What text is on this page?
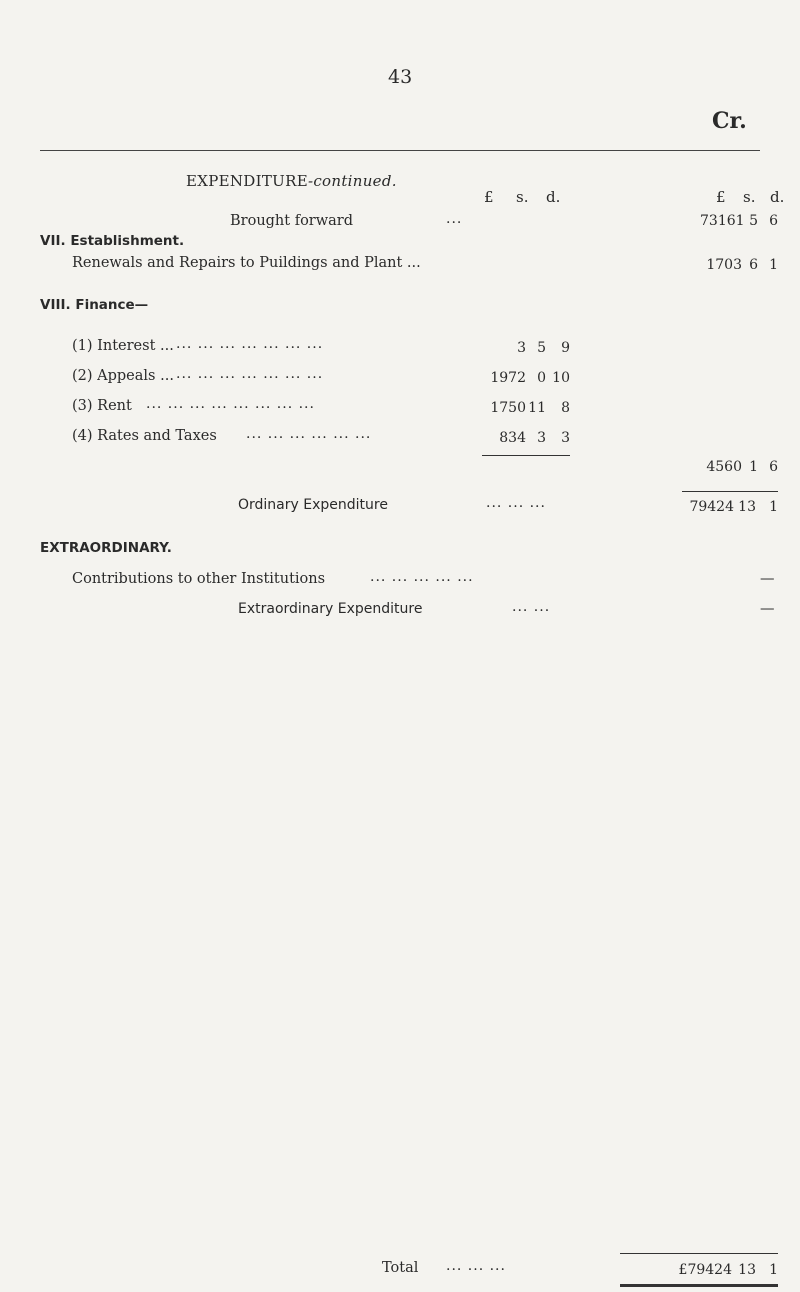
43
Cr.
EXPENDITURE-continued.
£ s. d.	£ s. d.
Brought forward	...	73161 5 6
VII. Establishment.
Renewals and Repairs to Puildings and Plant ...	1703 6 1
VIII. Finance—
(1) Interest ... ... ... ... ... ... ... ...	3 5	9
(2) Appeals ... ... ... ... ... ... ... ...	1972 0 10
(3) Rent ... ... ... ... ... ... ... ...	1750 11	8
(4) Rates and Taxes ... ... ... ... ... ...	834 3	3
4560 1 6
Ordinary Expenditure	... ... ...	79424 13 1
EXTRAORDINARY.
Contributions to other Institutions	... ... ... ... ...	—
Extraordinary Expenditure	... ...	—
Total ... ... ...	£79424 13 1
